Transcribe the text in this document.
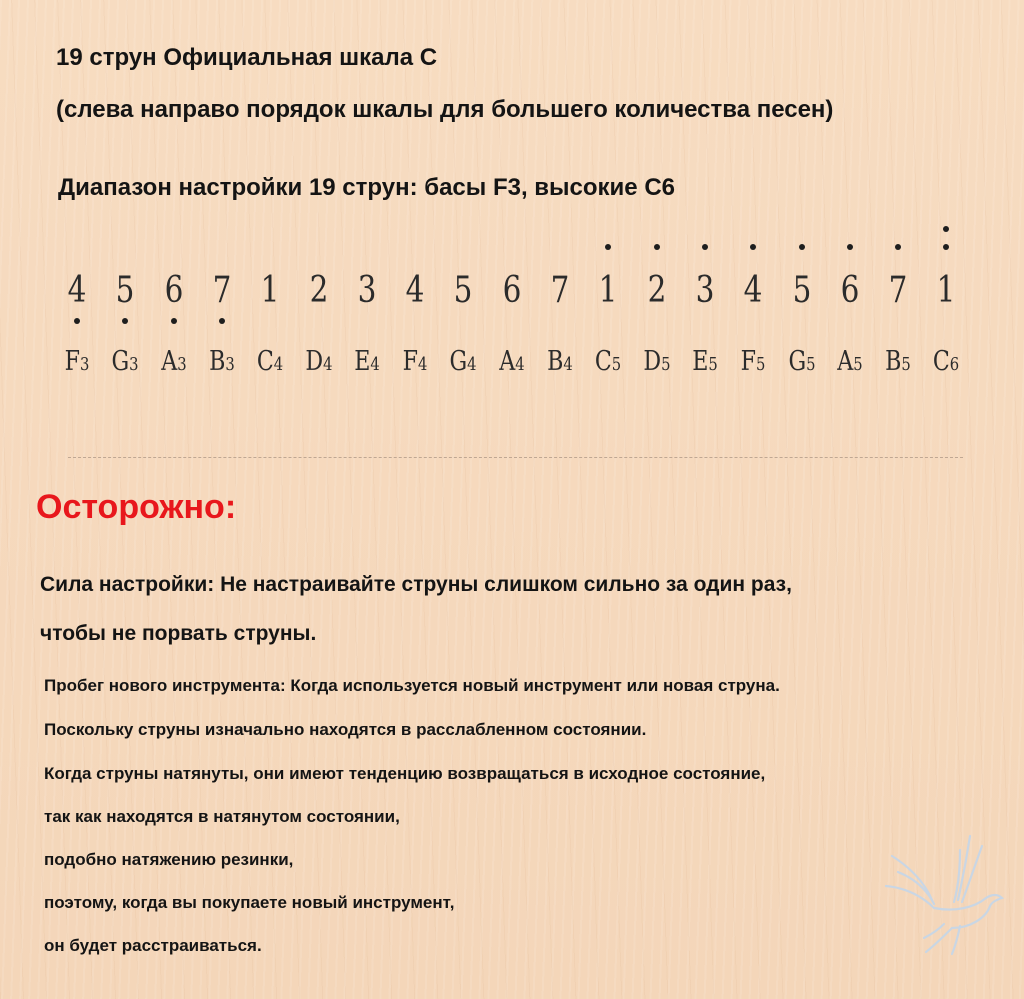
19 струн Официальная шкала С
(слева направо порядок шкалы для большего количества песен)
Диапазон настройки 19 струн: басы F3, высокие C6
4 5 6 7 1 2 3 4 5 6 7 1 2 3 4 5 6 7 1
F3 G3 A3 B3 C4 D4 E4 F4 G4 A4 B4 C5 D5 E5 F5 G5 A5 B5 C6
Осторожно:
Сила настройки: Не настраивайте струны слишком сильно за один раз,
чтобы не порвать струны.
Пробег нового инструмента: Когда используется новый инструмент или новая струна.
Поскольку струны изначально находятся в расслабленном состоянии.
Когда струны натянуты, они имеют тенденцию возвращаться в исходное состояние,
так как находятся в натянутом состоянии,
подобно натяжению резинки,
поэтому, когда вы покупаете новый инструмент,
он будет расстраиваться.
